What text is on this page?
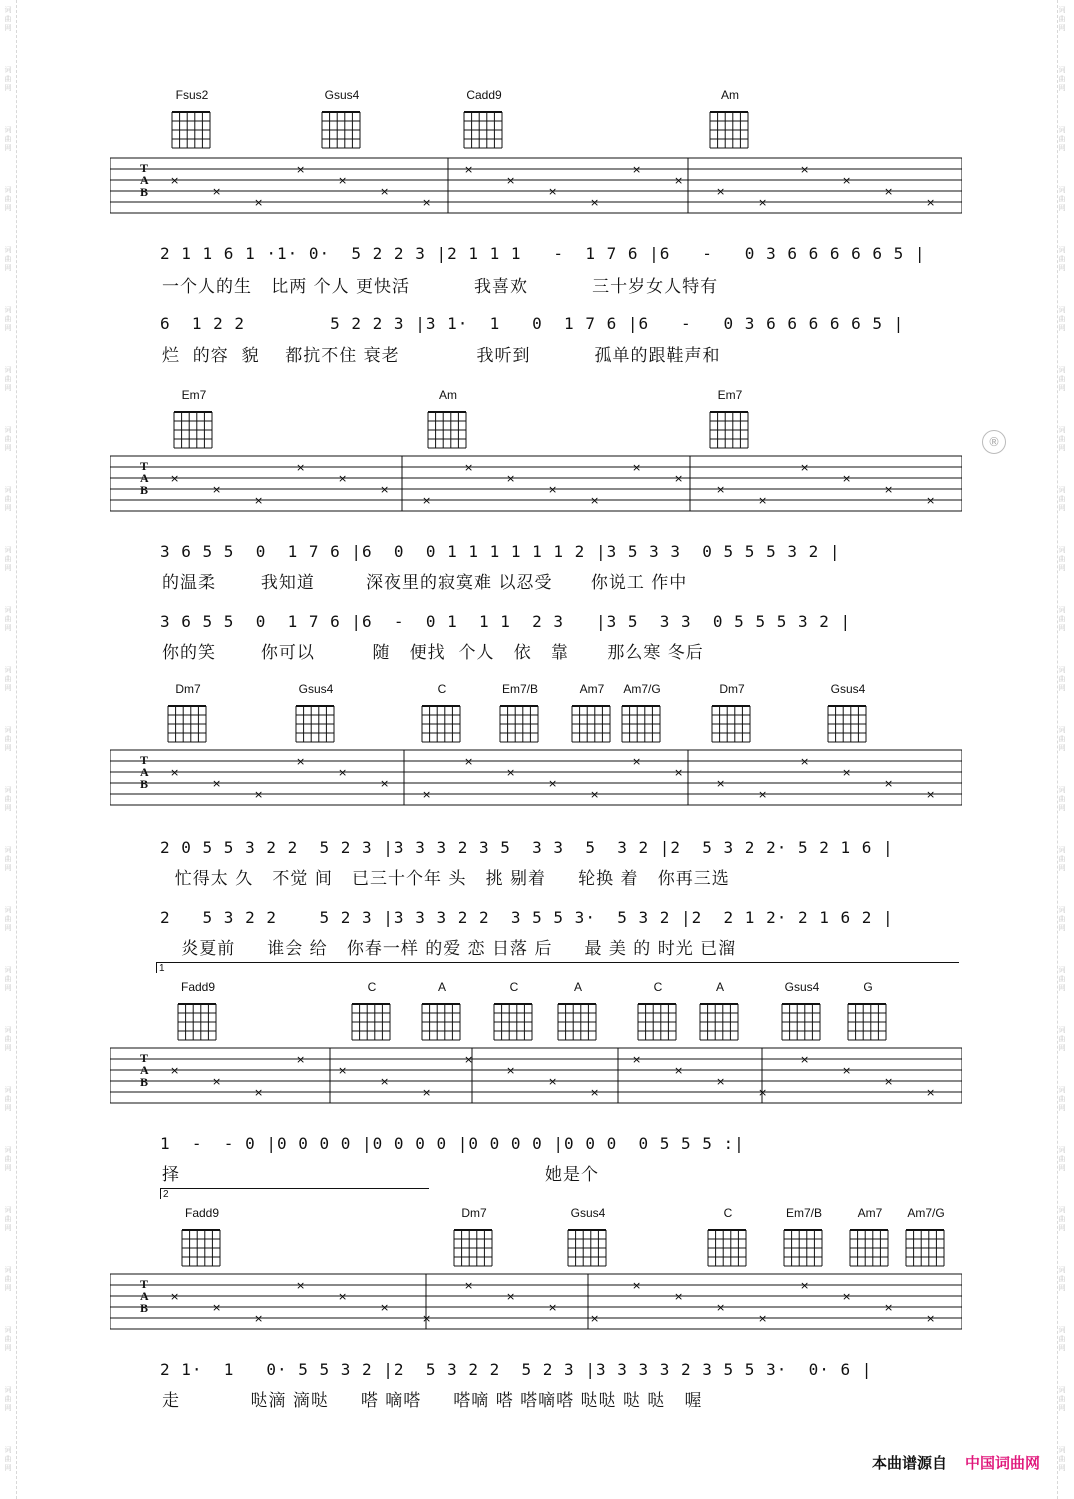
词
曲
网
词
曲
网
词
曲
网
词
曲
网
词
曲
网
词
曲
网
词
曲
网
词
曲
网
词
曲
网
词
曲
网
词
曲
网
词
曲
网
词
曲
网
词
曲
网
词
曲
网
词
曲
网
词
曲
网
词
曲
网
词
曲
网
词
曲
网
词
曲
网
词
曲
网
词
曲
网
词
曲
网
词
曲
网
词
曲
网
词
曲
网
词
曲
网
词
曲
网
词
曲
网
词
曲
网
词
曲
网
词
曲
网
词
曲
网
词
曲
网
词
曲
网
词
曲
网
词
曲
网
词
曲
网
词
曲
网
词
曲
网
词
曲
网
词
曲
网
词
曲
网
词
曲
网
词
曲
网
词
曲
网
词
曲
网
词
曲
网
词
曲
网
®
Fsus2	Gsus4	Cadd9	Am
×
×
×
×
×
×
×
×
×
×
×
×
×
×
×
×
×
×
×
2 1 1 6 1 ·1· 0·  5 2 2 3 |2 1 1 1   -  1 7 6 |6   -   0 3 6 6 6 6 6 5 |
一个人的生   比两 个人 更快活          我喜欢          三十岁女人特有
6  1 2 2        5 2 2 3 |3 1·  1   0  1 7 6 |6   -   0 3 6 6 6 6 6 5 |
烂  的容  貌    都抗不住 衰老            我听到          孤单的跟鞋声和
T
A
B
Em7	Am	Em7
×
×
×
×
×
×
×
×
×
×
×
×
×
×
×
×
×
×
×
3 6 5 5  0  1 7 6 |6  0  0 1 1 1 1 1 1 2 |3 5 3 3  0 5 5 5 3 2 |
的温柔       我知道        深夜里的寂寞难 以忍受      你说工 作中
3 6 5 5  0  1 7 6 |6  -  0 1  1 1  2 3   |3 5  3 3  0 5 5 5 3 2 |
你的笑       你可以         随   便找  个人   依   靠      那么寒 冬后
T
A
B
Dm7	Gsus4	C	Em7/B	Am7	Am7/G	Dm7	Gsus4
×
×
×
×
×
×
×
×
×
×
×
×
×
×
×
×
×
×
×
2 0 5 5 3 2 2  5 2 3 |3 3 3 2 3 5  3 3  5  3 2 |2  5 3 2 2· 5 2 1 6 |
忙得太 久   不觉 间   已三十个年 头   挑 剔着     轮换 着   你再三选
2   5 3 2 2    5 2 3 |3 3 3 2 2  3 5 5 3·  5 3 2 |2  2 1 2· 2 1 6 2 |
炎夏前     谁会 给   你春一样 的爱 恋 日落 后     最 美 的 时光 已溜
T
A
B
1
Fadd9	C	A	C	A	C	A	Gsus4	G
×
×
×
×
×
×
×
×
×
×
×
×
×
×
×
×
×
×
×
1  -  - 0 |0 0 0 0 |0 0 0 0 |0 0 0 0 |0 0 0  0 5 5 5 :|
择                                                         她是个
T
A
B
2
Fadd9	Dm7	Gsus4	C	Em7/B	Am7	Am7/G
×
×
×
×
×
×
×
×
×
×
×
×
×
×
×
×
×
×
×
2 1·  1   0· 5 5 3 2 |2  5 3 2 2  5 2 3 |3 3 3 3 2 3 5 5 3·  0· 6 |
走           哒滴 滴哒     嗒 嘀嗒     嗒嘀 嗒 嗒嘀嗒 哒哒 哒 哒   喔
T
A
B
本曲谱源自 中国词曲网
